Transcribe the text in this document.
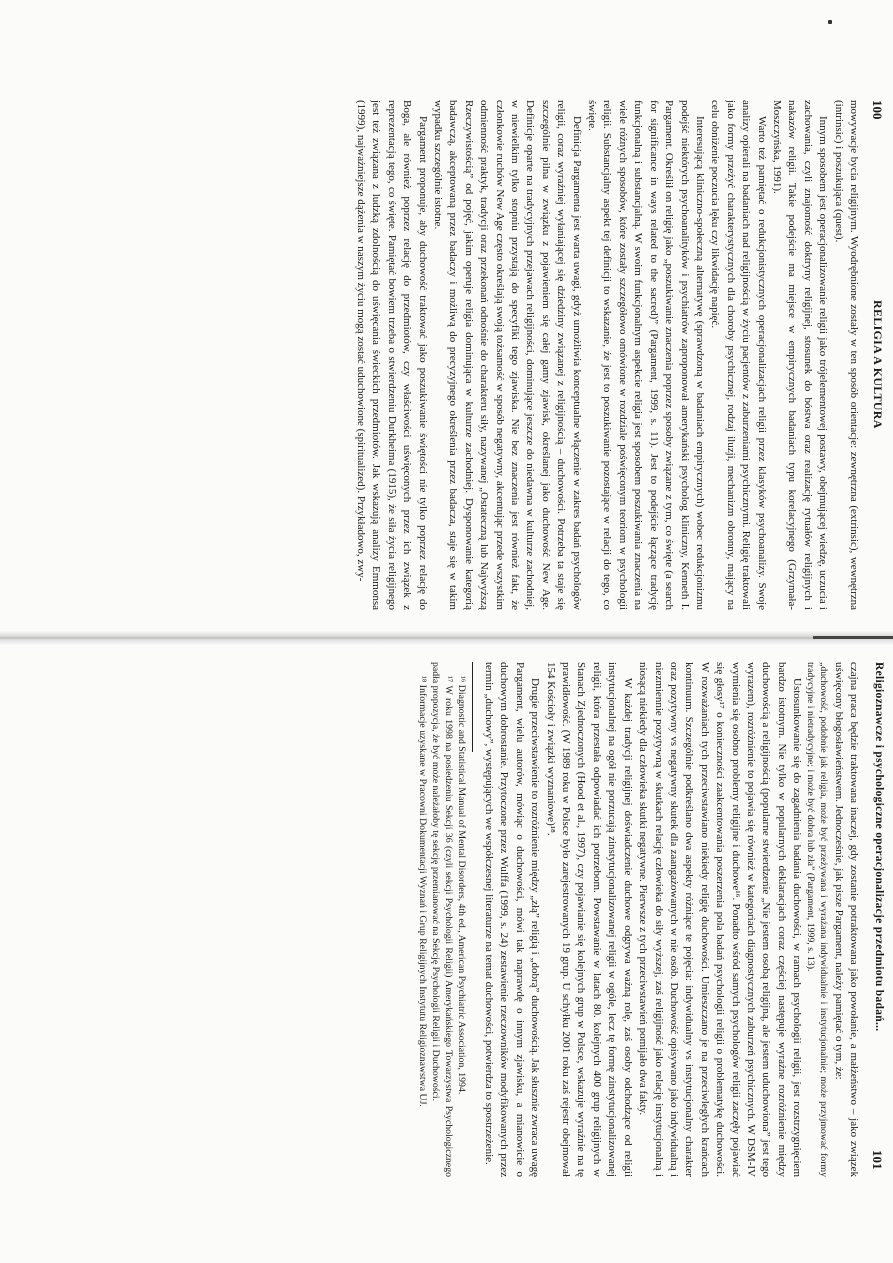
100
RELIGIA A KULTURA

mowywacje bycia religijnym. Wyodrębnione zostały w ten sposób orientacje: zewnętrzna (extrinsic), wewnętrzna (intrinsic) i poszukująca (quest).

Innym sposobem jest operacjonalizowanie religii jako trójelementowej postawy, obejmującej wiedzę, uczucia i zachowania, czyli znajomość doktryny religijnej, stosunek do bóstwa oraz realizację rytuałów religijnych i nakazów religii. Takie podejście ma miejsce w empirycznych badaniach typu korelacyjnego (Grzymała-Moszczyńska, 1991).

Warto też pamiętać o redukcjonistycznych operacjonalizacjach religii przez klasyków psychoanalizy. Swoje analizy opierali na badaniach nad religijnością w życiu pacjentów z zaburzeniami psychicznymi. Religię traktowali jako formy przeżyć charakterystycznych dla choroby psychicznej, rodzaj iluzji, mechanizm obronny, mający na celu obniżenie poczucia lęku czy likwidację napięć.

Interesującą kliniczno-społeczną alternatywę (sprawdzoną w badaniach empirycznych) wobec redukcjonizmu podejść niektórych psychoanalityków i psychiatrów zaproponował amerykański psycholog kliniczny, Kenneth I. Pargament. Określił on religię jako „poszukiwanie znaczenia poprzez sposoby związane z tym, co święte (a search for significance in ways related to the sacred)” (Pargament, 1999, s. 11). Jest to podejście łączące tradycję funkcjonalną i substancjalną. W swoim funkcjonalnym aspekcie religia jest sposobem poszukiwania znaczenia na wiele różnych sposobów, które zostały szczegółowo omówione w rozdziale poświęconym teoriom w psychologii religii. Substancjalny aspekt tej definicji to wskazanie, że jest to poszukiwanie pozostające w relacji do tego, co święte.

Definicja Pargamenta jest warta uwagi, gdyż umożliwia konceptualne włączenie w zakres badań psychologów religii, coraz wyraźniej wyłaniającej się dziedziny związanej z religijnością – duchowości. Potrzeba ta staje się szczególnie pilna w związku z pojawieniem się całej gamy zjawisk, określanej jako duchowość New Age. Definicje oparte na tradycyjnych przejawach religijności, dominujące jeszcze do niedawna w kulturze zachodniej, w niewielkim tylko stopniu przystają do specyfiki tego zjawiska. Nie bez znaczenia jest również fakt, że członkowie ruchów New Age często określają swoją tożsamość w sposób negatywny, akcentując przede wszystkim odmienność praktyk, tradycji oraz przekonań odnośnie do charakteru siły, nazywanej „Ostateczną lub Najwyższą Rzeczywistością” od pojęć, jakim operuje religia dominująca w kulturze zachodniej. Dysponowanie kategorią badawczą, akceptowaną przez badaczy i możliwą do precyzyjnego określenia przez badacza, staje się w takim wypadku szczególnie istotne.

Pargament proponuje, aby duchowość traktować jako poszukiwanie świętości nie tylko poprzez relację do Boga, ale również poprzez relację do przedmiotów, czy właściwości uświęconych przez ich związek z reprezentacją tego, co święte. Pamiętać bowiem trzeba o stwierdzeniu Durkheima (1915), że siła życia religijnego jest też związana z ludzką zdolnością do uświęcania świeckich przedmiotów. Jak wskazują analizy Emmonsa (1999), najważniejsze dążenia w naszym życiu mogą zostać uduchowione (spiritualized). Przykładowo, zwy-

Religioznawcze i psychologiczne operacjonalizacje przedmiotu badań...
101

czajna praca będzie traktowana inaczej, gdy zostanie potraktowana jako powołanie, a małżeństwo – jako związek uświęcony błogosławieństwem. Jednocześnie, jak pisze Pargament, należy pamiętać o tym, że:

„duchowość, podobnie jak religia, może być przeżywana i wyrażana indywidualnie i instytucjonalnie; może przyjmować formy tradycyjne i nietradycyjne; i może być dobra lub zła” (Pargament, 1999, s. 13).

Ustosunkowanie się do zagadnienia badania duchowości, w ramach psychologii religii, jest rozstrzygnięciem bardzo istotnym. Nie tylko w popularnych deklaracjach coraz częściej następuje wyraźne rozróżnienie między duchowością a religijnością (popularne stwierdzenie „Nie jestem osobą religijną, ale jestem uduchowiona” jest tego wyrazem), rozróżnienie to pojawia się również w kategoriach diagnostycznych zaburzeń psychicznych. W DSM-IV wymienia się osobno problemy religijne i duchowe¹⁶. Ponadto wśród samych psychologów religii zaczęły pojawiać się głosy¹⁷ o konieczności zaakcentowania poszerzenia pola badań psychologii religii o problematykę duchowości. W rozważaniach tych przeciwstawiano niekiedy religię duchowości. Umieszczano je na przeciwległych krańcach kontinuum. Szczególnie podkreślano dwa aspekty różniące te pojęcia: indywidualny vs instytucjonalny charakter oraz pozytywny vs negatywny skutek dla zaangażowanych w nie osób. Duchowość opisywano jako indywidualną i niezmiennie pozytywną w skutkach relację człowieka do siły wyższej, zaś religijność jako relację instytucjonalną i niosącą niekiedy dla człowieka skutki negatywne. Pierwsze z tych przeciwstawień pomijało dwa fakty.

W każdej tradycji religijnej doświadczenie duchowe odgrywa ważną rolę, zaś osoby odchodzące od religii instytucjonalnej na ogół nie porzucają zinstytucjonalizowanej religii w ogóle, lecz tę formę zinstytucjonalizowanej religii, która przestała odpowiadać ich potrzebom. Powstawanie w latach 80. kolejnych 400 grup religijnych w Stanach Zjednoczonych (Hood et al., 1997), czy pojawianie się kolejnych grup w Polsce, wskazuje wyraźnie na tę prawidłowość. (W 1989 roku w Polsce było zarejestrowanych 19 grup. U schyłku 2001 roku zaś rejestr obejmował 154 Kościoły i związki wyznaniowe)¹⁸.

Drugie przeciwstawienie to rozróżnienie między „złą” religią i „dobrą” duchowością. Jak słusznie zwraca uwagę Pargament, wielu autorów, mówiąc o duchowości, mówi tak naprawdę o innym zjawisku, a mianowicie o duchowym dobrostanie. Przytoczone przez Wulffa (1999, s. 24) zestawienie rzeczowników modyfikowanych przez termin „duchowy”, występujących we współczesnej literaturze na temat duchowości, potwierdza to spostrzeżenie.

¹⁶ Diagnostic and Statistical Manual of Mental Disorders, 4th ed., American Psychiatric Association, 1994.

¹⁷ W roku 1998 na posiedzeniu Sekcji 36 (czyli sekcji Psychologii Religii) Amerykańskiego Towarzystwa Psychologicznego padła propozycja, że być może należałoby tę sekcję przemianować na Sekcję Psychologii Religii i Duchowości.

¹⁸ Informacje uzyskane w Pracowni Dokumentacji Wyznań i Grup Religijnych Instytutu Religioznawstwa UJ.
